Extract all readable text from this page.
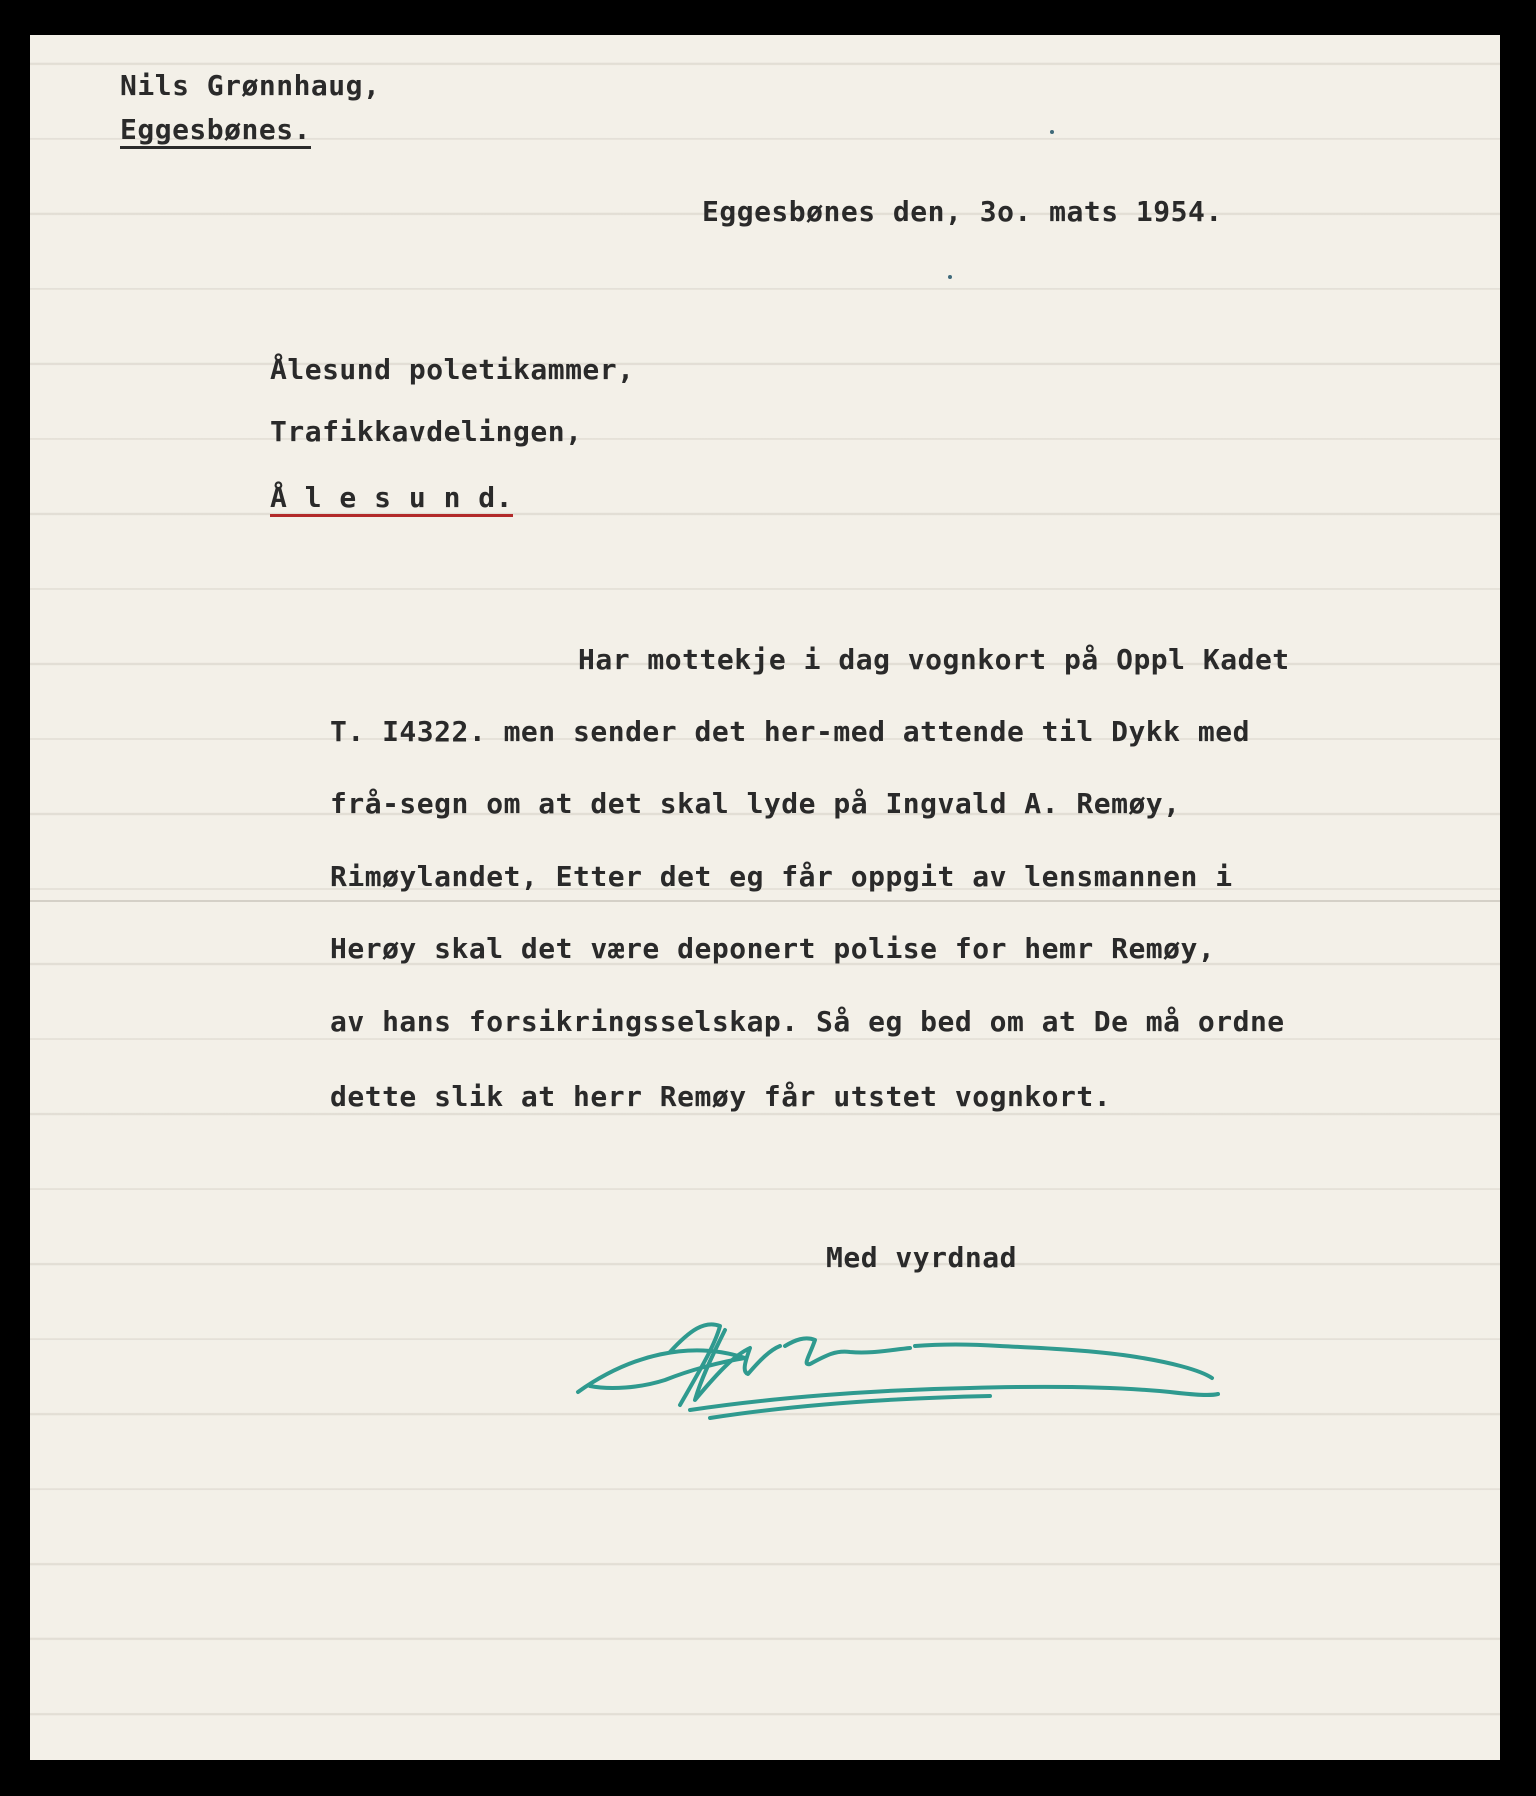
Nils Grønnhaug,

Eggesbønes.

Eggesbønes den, 3o. mats 1954.

Ålesund poletikammer,

Trafikkavdelingen,

Å l e s u n d.

Har mottekje i dag vognkort på Oppl Kadet

T. I4322. men sender det her-med attende til Dykk med

frå-segn om at det skal lyde på Ingvald A. Remøy,

Rimøylandet, Etter det eg får oppgit av lensmannen i

Herøy skal det være deponert polise for hemr Remøy,

av hans forsikringsselskap. Så eg bed om at De må ordne

dette slik at herr Remøy får utstet vognkort.

Med vyrdnad
